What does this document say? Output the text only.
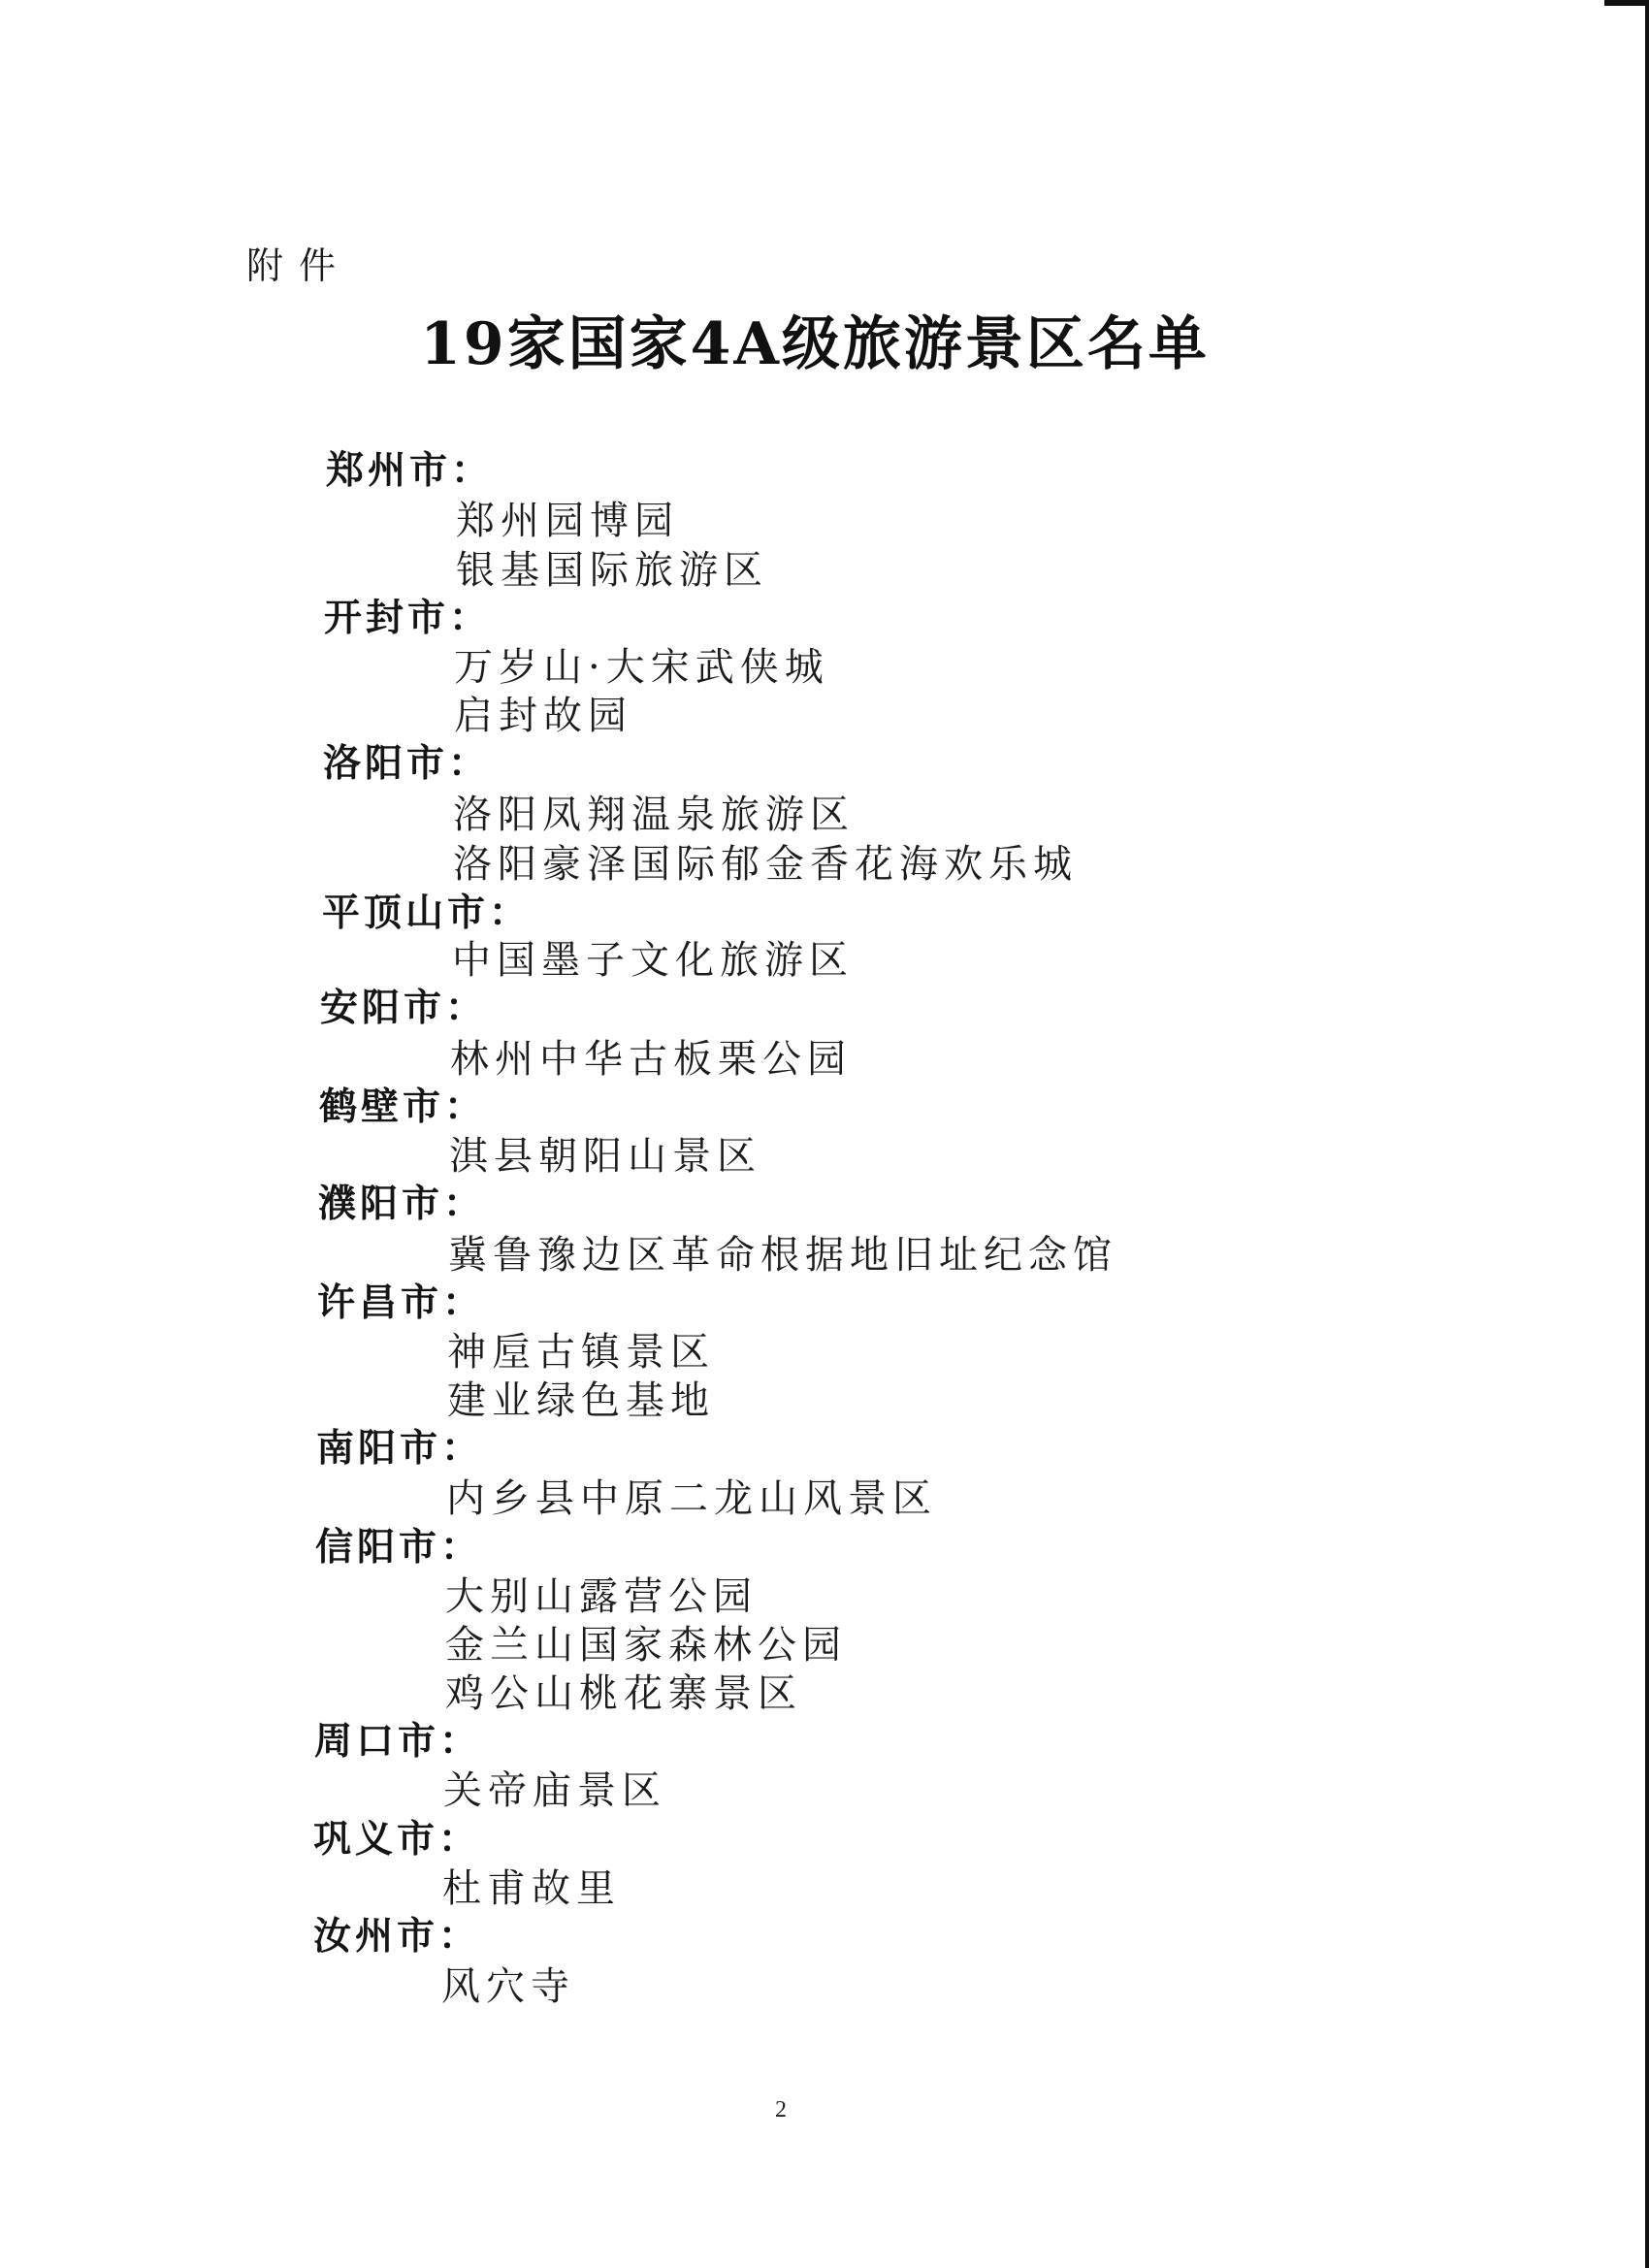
附件
19家国家4A级旅游景区名单
郑州市：
郑州园博园
银基国际旅游区
开封市：
万岁山·大宋武侠城
启封故园
洛阳市：
洛阳凤翔温泉旅游区
洛阳豪泽国际郁金香花海欢乐城
平顶山市：
中国墨子文化旅游区
安阳市：
林州中华古板栗公园
鹤壁市：
淇县朝阳山景区
濮阳市：
冀鲁豫边区革命根据地旧址纪念馆
许昌市：
神垕古镇景区
建业绿色基地
南阳市：
内乡县中原二龙山风景区
信阳市：
大别山露营公园
金兰山国家森林公园
鸡公山桃花寨景区
周口市：
关帝庙景区
巩义市：
杜甫故里
汝州市：
风穴寺
2
